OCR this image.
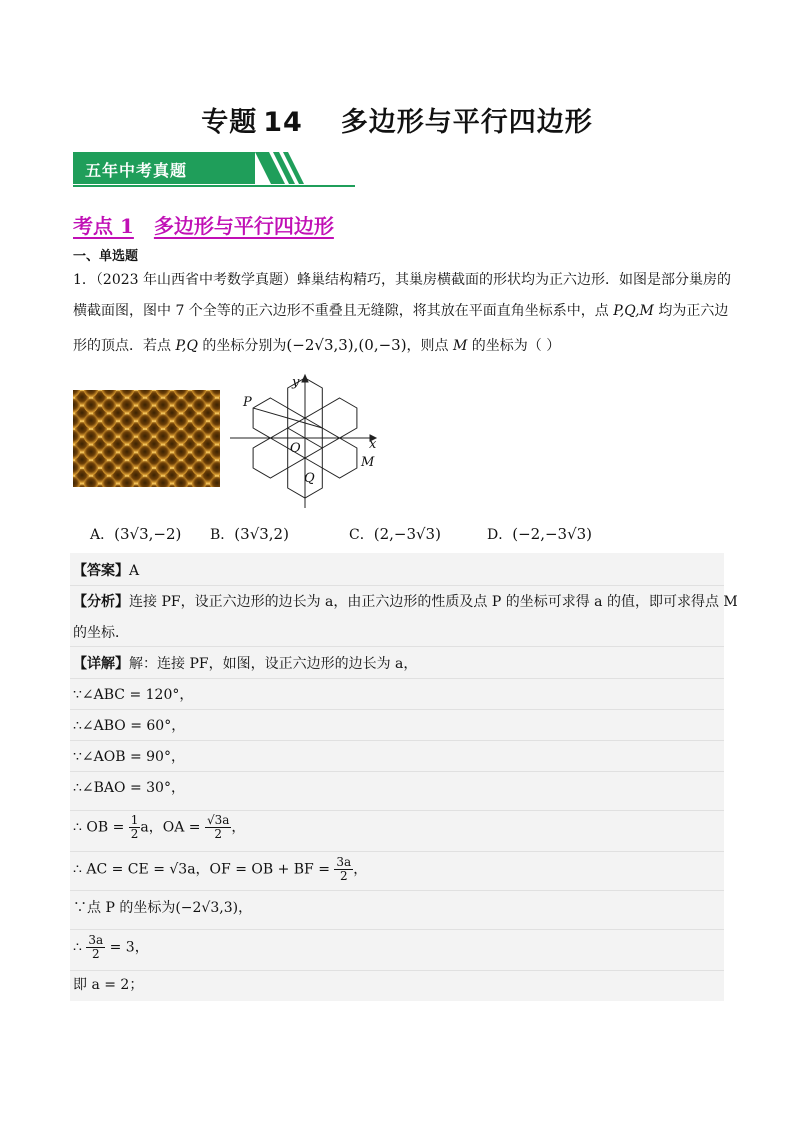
专题 14 多边形与平行四边形
五年中考真题
考点 1 多边形与平行四边形
一、单选题
1．（2023 年山西省中考数学真题）蜂巢结构精巧，其巢房横截面的形状均为正六边形．如图是部分巢房的
横截面图，图中 7 个全等的正六边形不重叠且无缝隙，将其放在平面直角坐标系中，点 P,Q,M 均为正六边
形的顶点．若点 P,Q 的坐标分别为(−2√3,3),(0,−3)，则点 M 的坐标为（ ）
P
O
Q
M
x
y
A．(3√3,−2) B．(3√3,2)	C．(2,−3√3)	D．(−2,−3√3)
【答案】A
【分析】连接 PF，设正六边形的边长为 a，由正六边形的性质及点 P 的坐标可求得 a 的值，即可求得点 M
的坐标．
【详解】解：连接 PF，如图，设正六边形的边长为 a，
∵∠ABC = 120°，
∴∠ABO = 60°，
∵∠AOB = 90°，
∴∠BAO = 30°，
∴ OB = $\frac{1}{2}$ a，OA = $\frac{√3a}{2}$ ，
∴ AC = CE = √3a，OF = OB + BF = $\frac{3a}{2}$ ，
∵点 P 的坐标为(−2√3,3)，
∴ $\frac{3a}{2} = 3$，
即 a = 2；
